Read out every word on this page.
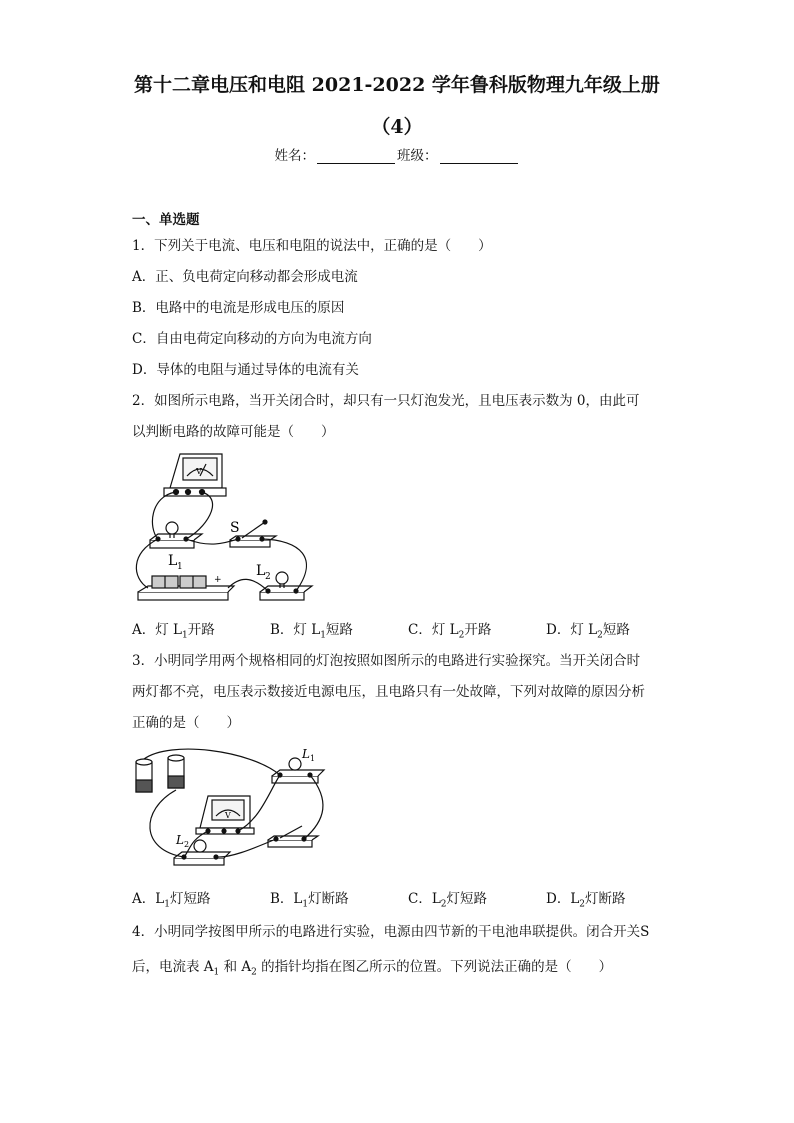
第十二章电压和电阻 2021-2022 学年鲁科版物理九年级上册
（4）
姓名：	班级：
一、单选题
1．下列关于电流、电压和电阻的说法中，正确的是（　　）
A．正、负电荷定向移动都会形成电流
B．电路中的电流是形成电压的原因
C．自由电荷定向移动的方向为电流方向
D．导体的电阻与通过导体的电流有关
2．如图所示电路，当开关闭合时，却只有一只灯泡发光，且电压表示数为 0，由此可
以判断电路的故障可能是（　　）
S
L 1	L 2
V
+
A．灯 $L_1$开路	B．灯 $L_1$短路	C．灯 $L_2$开路	D．灯 $L_2$短路
3．小明同学用两个规格相同的灯泡按照如图所示的电路进行实验探究。当开关闭合时
两灯都不亮，电压表示数接近电源电压，且电路只有一处故障，下列对故障的原因分析
正确的是（　　）
L 1
L 2
V
A．$L_1$灯短路	B．$L_1$灯断路	C．$L_2$灯短路	D．$L_2$灯断路
4．小明同学按图甲所示的电路进行实验，电源由四节新的干电池串联提供。闭合开关S
后，电流表 $A_1$ 和 $A_2$ 的指针均指在图乙所示的位置。下列说法正确的是（　　）
